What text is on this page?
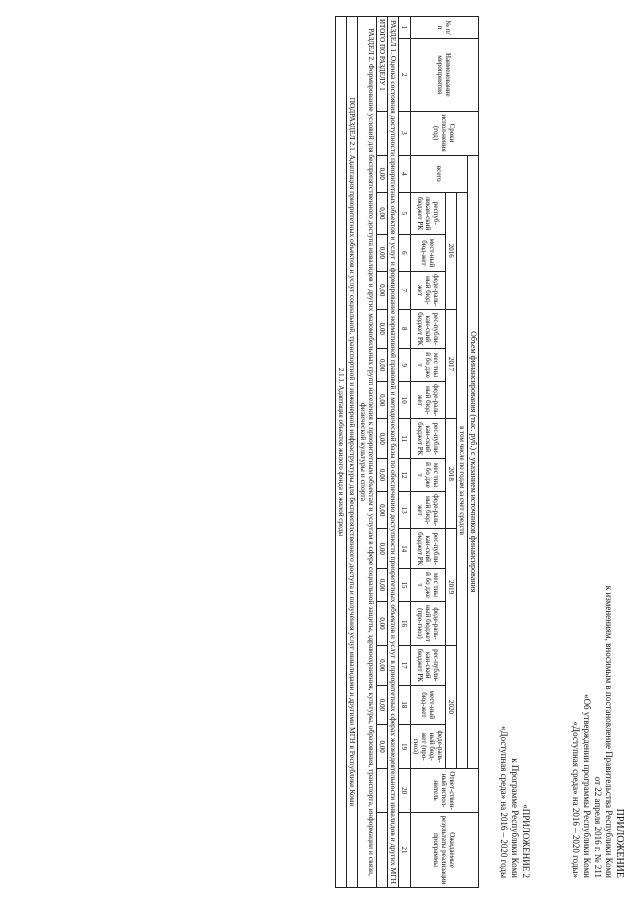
ПРИЛОЖЕНИЕ

к изменениям, вносимым в постановление Правительства Республики Коми

от 22 апреля 2016 г. № 211

«Об утверждении программы Республики Коми

«Доступная среда» на 2016 – 2020 годы»

«ПРИЛОЖЕНИЕ 2

к Программе Республики Коми

«Доступная среда» на 2016 – 2020 годы

№ п/п	Наименование мероприятия	Сроки испол-нения (год)	Объем финансирования (тыс. руб.) с указанием источников финансирования																Ответ-ствен-ный испол-нитель	Ожидаемые результаты реализации программы
			всего	в том числе по годам за счет средств																
				2016			2017			2018			2019			2020				
				респуб-ликан-ский бюджет РК	мест-ный бюд-жет	феде-раль-ный бюд-жет	рес-публи-кан-ский бюджет РК	мес тны й бо дже т	феде-раль-ный бюд-жет	рес-публи-кан-ский бюджет РК	мес тны й бо дже т	феде-раль-ный бюд-жет	рес-публи-кан-ский бюджет РК	мес тны й бо дже т	феде-раль-ный бюджет (про-гноз)	рес-публи-кан-ский бюджет РК	мест-ный бюд-жет	феде-раль-ный бюд-жет (про-гноз)		
1	2	3	4	5	6	7	8	9	10	11	12	13	14	15	16	17	18	19	20	21
РАЗДЕЛ 1. Оценка состояния доступности приоритетных объектов и услуг и формирование нормативной правовой и методической базы по обеспечению доступности приоритетных объектов и услуг в приоритетных сферах жизнедеятельности инвалидов и других МГН																				
ИТОГО ПО РАЗДЕЛУ 1			0,00	0,00	0,00	0,00	0,00	0,00	0,00	0,00	0,00	0,00	0,00	0,00	0,00	0,00	0,00	0,00		
РАЗДЕЛ 2. Формирование условий для беспрепятственного доступа инвалидов и других маломобильных групп населения к приоритетным объектам и услугам в сфере социальной защиты, здравоохранения, культуры, образования, транспорта, информации и связи, физической культуры и спорта																				
ПОДРАЗДЕЛ 2.1. Адаптация приоритетных объектов и услуг социальной, транспортной и инженерной инфраструктуры для беспрепятственного доступа и получения услуг инвалидами и другими МГН в Республике Коми																				
2.1.1. Адаптация объектов жилого фонда и жилой среды																				
